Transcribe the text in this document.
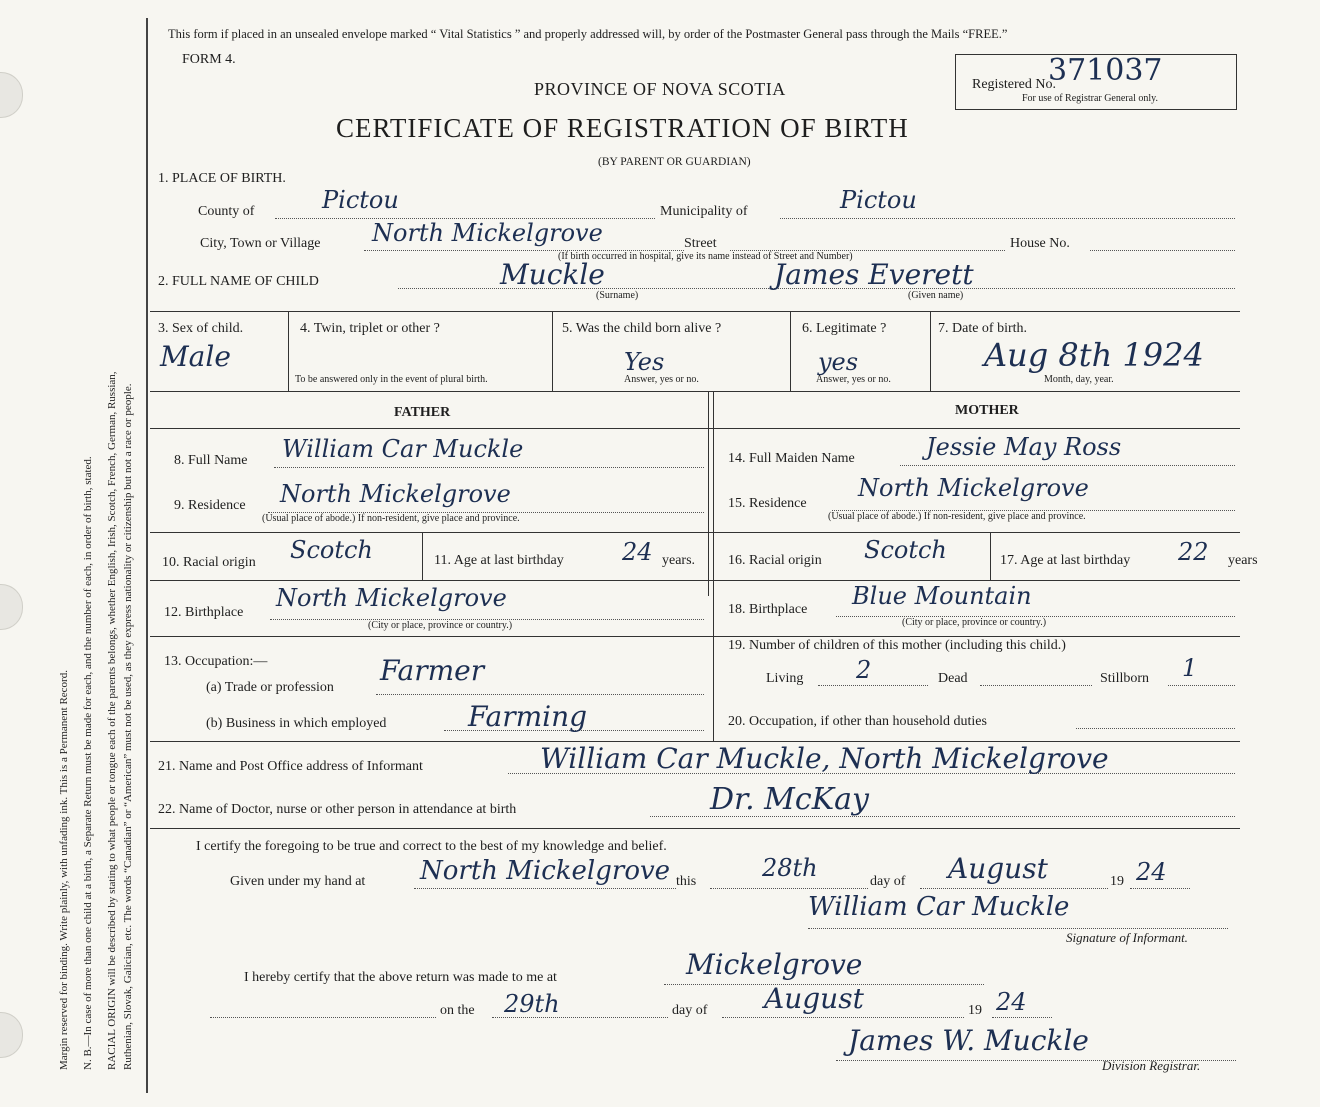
Margin reserved for binding. Write plainly, with unfading ink. This is a Permanent Record. N. B.—In case of more than one child at a birth, a Separate Return must be made for each, and the number of each, in order of birth, stated. RACIAL ORIGIN will be described by stating to what people or tongue each of the parents belongs, whether English, Irish, Scotch, French, German, Russian, Ruthenian, Slovak, Galician, etc. The words “Canadian” or “American” must not be used, as they express nationality or citizenship but not a race or people.
This form if placed in an unsealed envelope marked “ Vital Statistics ” and properly addressed will, by order of the Postmaster General pass through the Mails “FREE.”
FORM 4.
PROVINCE OF NOVA SCOTIA
CERTIFICATE OF REGISTRATION OF BIRTH
(BY PARENT OR GUARDIAN)
Registered No.
371037
For use of Registrar General only.
1. PLACE OF BIRTH.
County of	Pictou	Municipality of	Pictou
City, Town or Village North Mickelgrove	Street	House No.
(If birth occurred in hospital, give its name instead of Street and Number)
2. FULL NAME OF CHILD	Muckle
(Surname)
James Everett
(Given name)
3. Sex of child.
Male
4. Twin, triplet or other ?
To be answered only in the event of plural birth.
5. Was the child born alive ?
Yes
Answer, yes or no.
6. Legitimate ?
yes
Answer, yes or no.
7. Date of birth.
Aug 8th 1924
Month, day, year.
FATHER	MOTHER
8. Full Name William Car Muckle
9. Residence North Mickelgrove
(Usual place of abode.) If non-resident, give place and province.
10. Racial origin Scotch	11. Age at last birthday 24 years.
12. Birthplace
North Mickelgrove
(City or place, province or country.)
13. Occupation:—
(a) Trade or profession
Farmer
(b) Business in which employed	Farming
14. Full Maiden Name	Jessie May Ross
15. Residence
North Mickelgrove
(Usual place of abode.) If non-resident, give place and province.
16. Racial origin Scotch	17. Age at last birthday 22 years
18. Birthplace Blue Mountain
(City or place, province or country.)
19. Number of children of this mother (including this child.)
Living 2	Dead	Stillborn 1
20. Occupation, if other than household duties
21. Name and Post Office address of Informant	William Car Muckle, North Mickelgrove
22. Name of Doctor, nurse or other person in attendance at birth	Dr. McKay
I certify the foregoing to be true and correct to the best of my knowledge and belief.
Given under my hand at North Mickelgrove this	28th	day of August	19 24
William Car Muckle
Signature of Informant.
I hereby certify that the above return was made to me at	Mickelgrove
on the 29th	day of August	19 24
James W. Muckle
Division Registrar.
